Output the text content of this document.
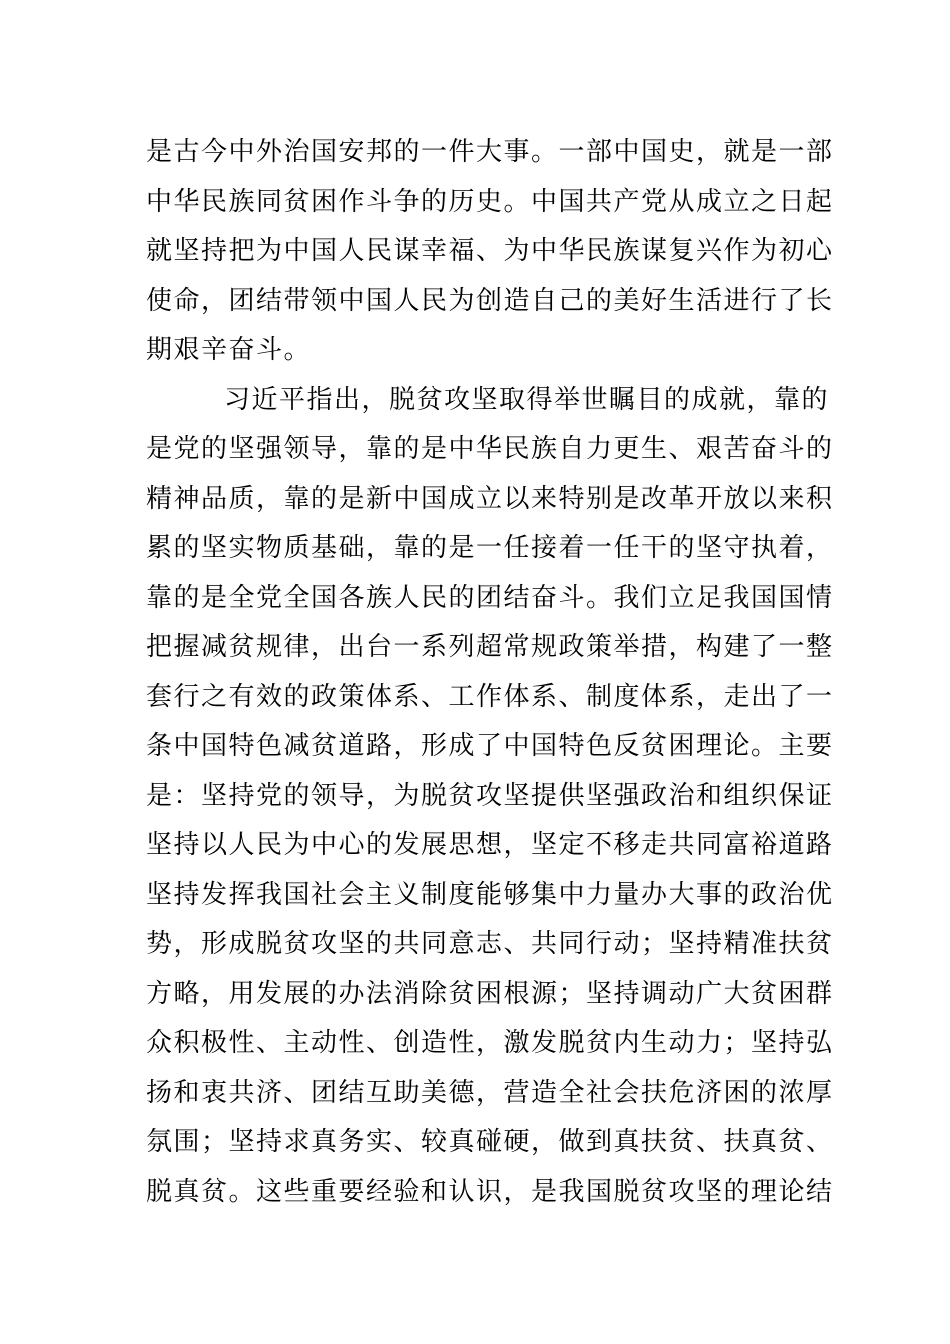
是古今中外治国安邦的一件大事。一部中国史，就是一部
中华民族同贫困作斗争的历史。中国共产党从成立之日起
就坚持把为中国人民谋幸福、为中华民族谋复兴作为初心
使命，团结带领中国人民为创造自己的美好生活进行了长
期艰辛奋斗。
习近平指出，脱贫攻坚取得举世瞩目的成就，靠的
是党的坚强领导，靠的是中华民族自力更生、艰苦奋斗的
精神品质，靠的是新中国成立以来特别是改革开放以来积
累的坚实物质基础，靠的是一任接着一任干的坚守执着，
靠的是全党全国各族人民的团结奋斗。我们立足我国国情
把握减贫规律，出台一系列超常规政策举措，构建了一整
套行之有效的政策体系、工作体系、制度体系，走出了一
条中国特色减贫道路，形成了中国特色反贫困理论。主要
是：坚持党的领导，为脱贫攻坚提供坚强政治和组织保证
坚持以人民为中心的发展思想，坚定不移走共同富裕道路
坚持发挥我国社会主义制度能够集中力量办大事的政治优
势，形成脱贫攻坚的共同意志、共同行动；坚持精准扶贫
方略，用发展的办法消除贫困根源；坚持调动广大贫困群
众积极性、主动性、创造性，激发脱贫内生动力；坚持弘
扬和衷共济、团结互助美德，营造全社会扶危济困的浓厚
氛围；坚持求真务实、较真碰硬，做到真扶贫、扶真贫、
脱真贫。这些重要经验和认识，是我国脱贫攻坚的理论结
